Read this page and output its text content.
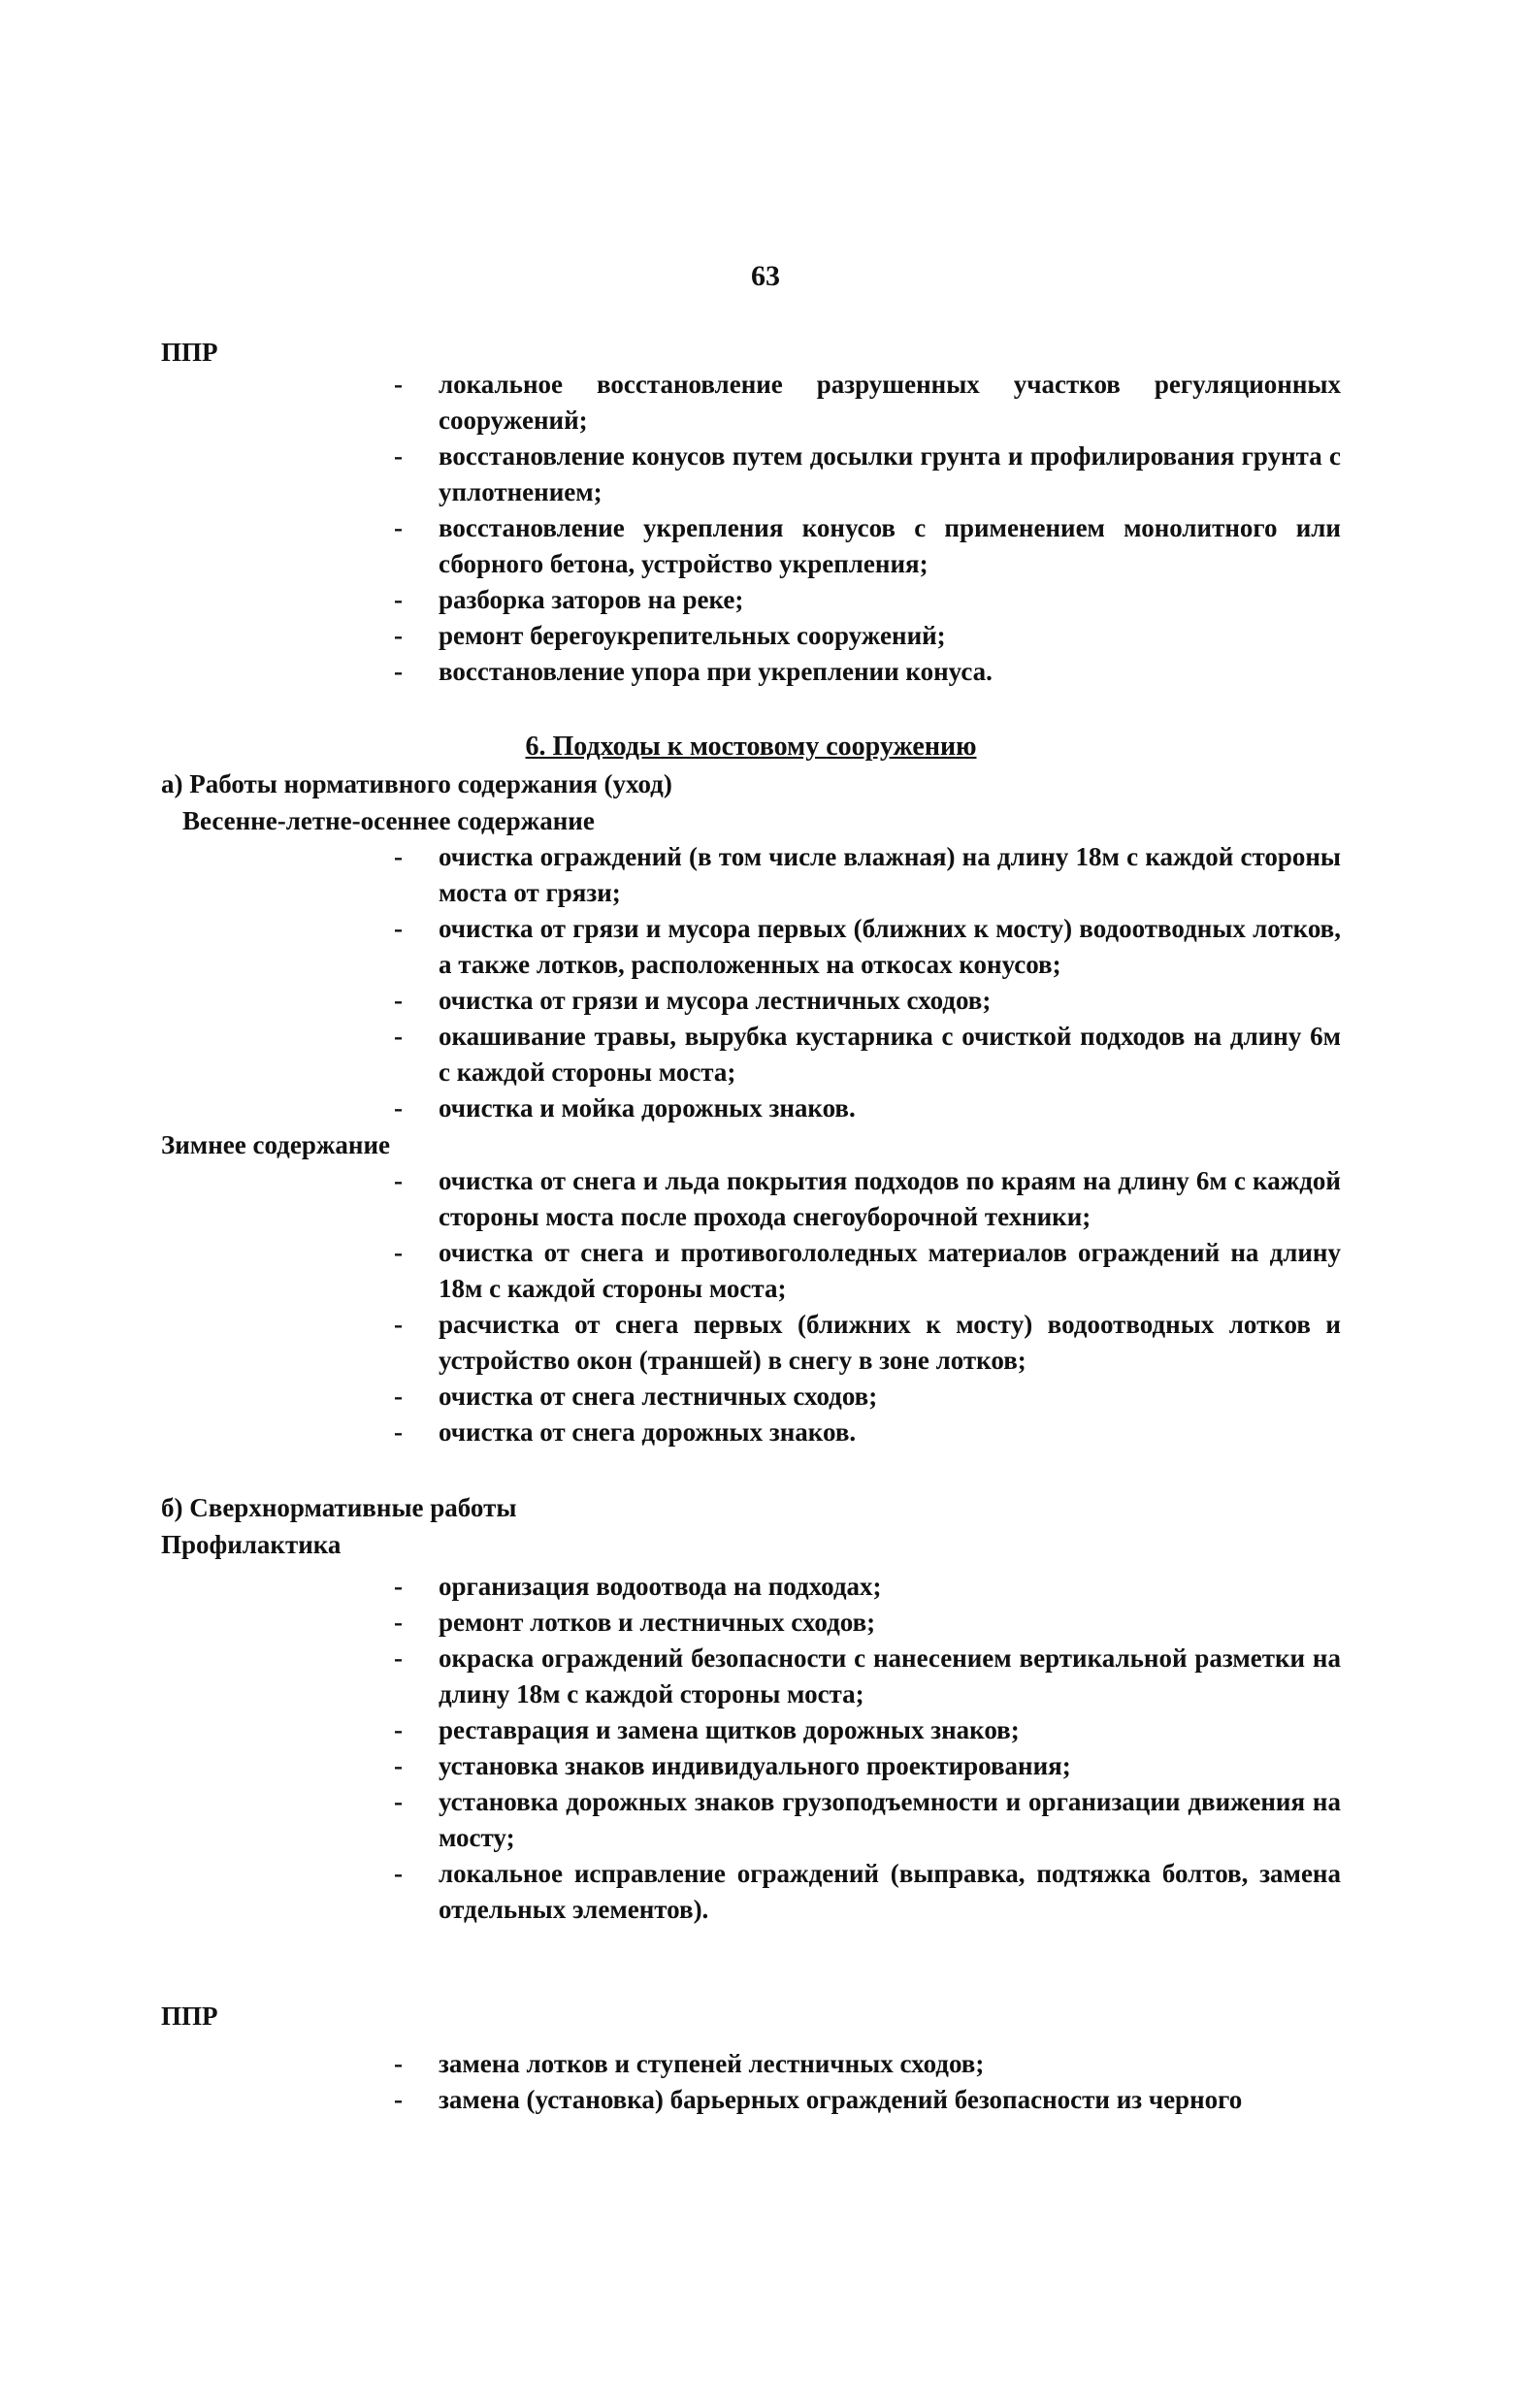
63

ППР

- локальное восстановление разрушенных участков регуляционных сооружений;
- восстановление конусов путем досылки грунта и профилирования грунта с уплотнением;
- восстановление укрепления конусов с применением монолитного или сборного бетона, устройство укрепления;
- разборка заторов на реке;
- ремонт берегоукрепительных сооружений;
- восстановление упора при укреплении конуса.

6. Подходы к мостовому сооружению

а) Работы нормативного содержания (уход)

Весенне-летне-осеннее содержание

- очистка ограждений (в том числе влажная) на длину 18м с каждой стороны моста от грязи;
- очистка от грязи и мусора первых (ближних к мосту) водоотводных лотков, а также лотков, расположенных на откосах конусов;
- очистка от грязи и мусора лестничных сходов;
- окашивание травы, вырубка кустарника с очисткой подходов на длину 6м с каждой стороны моста;
- очистка и мойка дорожных знаков.

Зимнее содержание

- очистка от снега и льда покрытия подходов по краям на длину 6м с каждой стороны моста после прохода снегоуборочной техники;
- очистка от снега и противогололедных материалов ограждений на длину 18м с каждой стороны моста;
- расчистка от снега первых (ближних к мосту) водоотводных лотков и устройство окон (траншей) в снегу в зоне лотков;
- очистка от снега лестничных сходов;
- очистка от снега дорожных знаков.

б) Сверхнормативные работы

Профилактика

- организация водоотвода на подходах;
- ремонт лотков и лестничных сходов;
- окраска ограждений безопасности с нанесением вертикальной разметки на длину 18м с каждой стороны моста;
- реставрация и замена щитков дорожных знаков;
- установка знаков индивидуального проектирования;
- установка дорожных знаков грузоподъемности и организации движения на мосту;
- локальное исправление ограждений (выправка, подтяжка болтов, замена отдельных элементов).

ППР

- замена лотков и ступеней лестничных сходов;
- замена (установка) барьерных ограждений безопасности из черного
